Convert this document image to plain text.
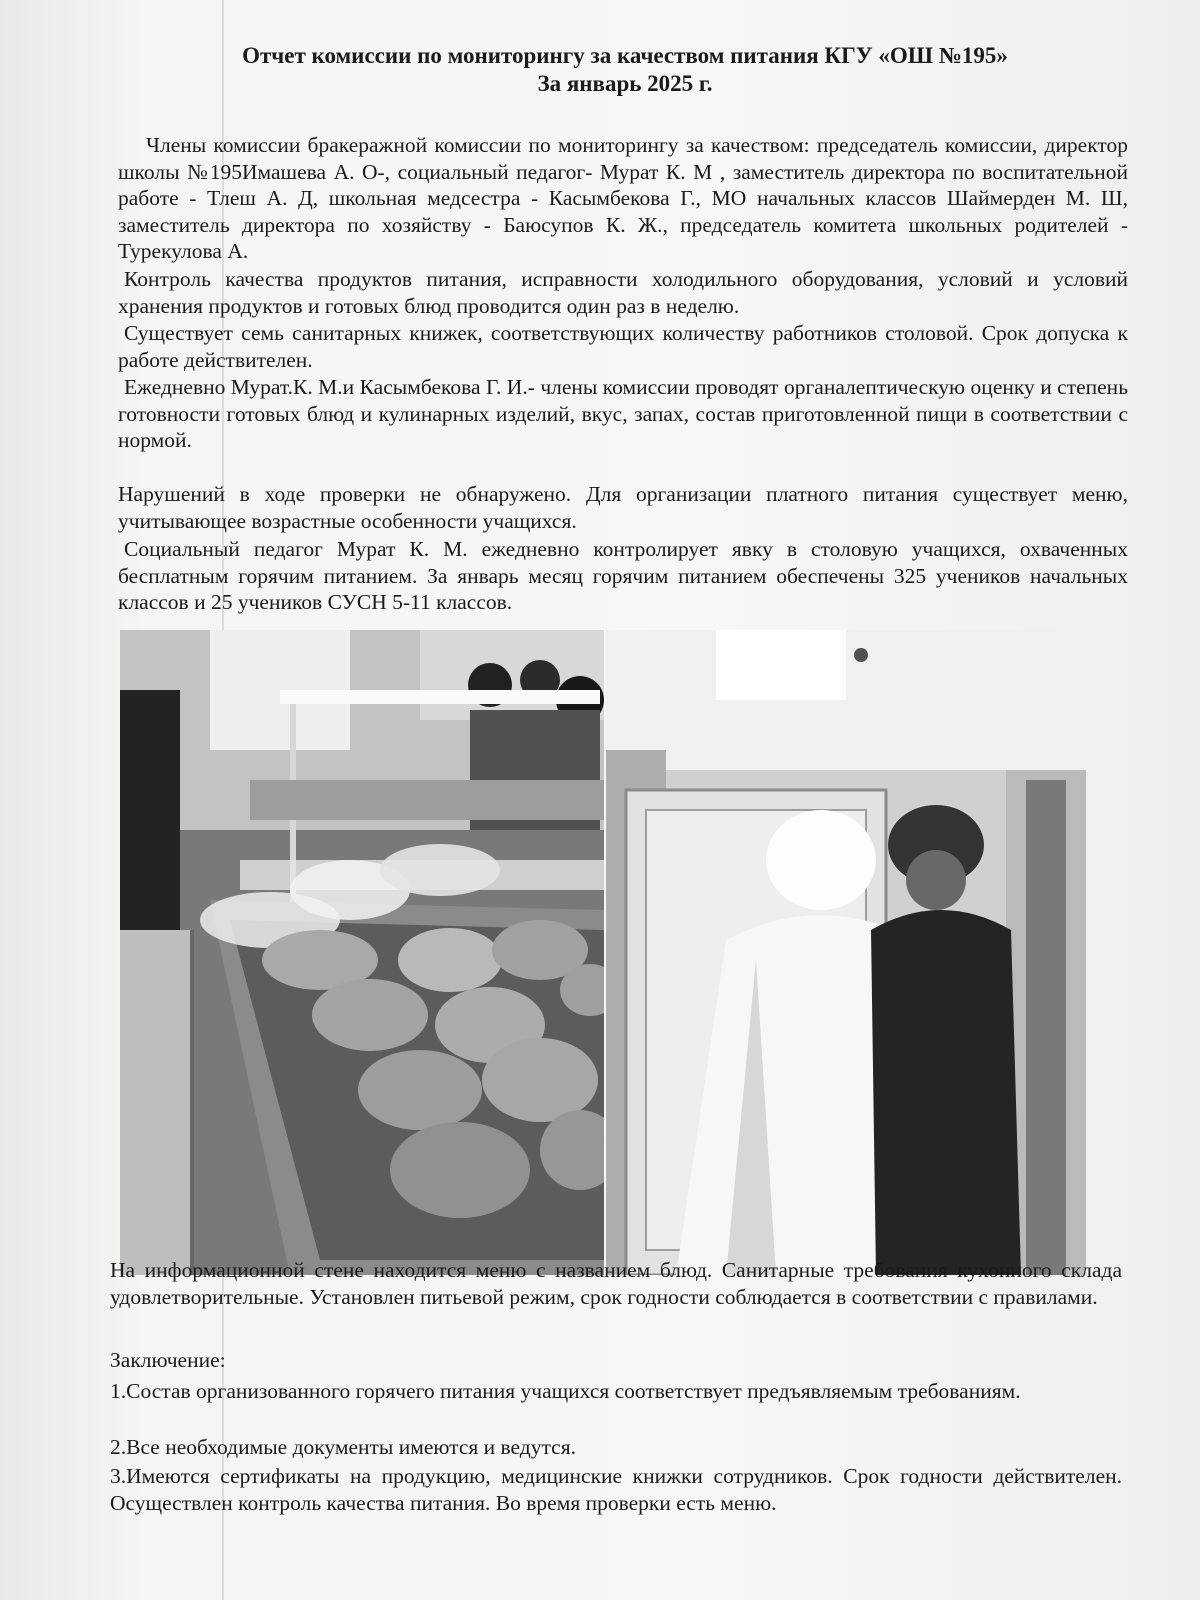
Отчет комиссии по мониторингу за качеством питания КГУ «ОШ №195»
За январь 2025 г.
Члены комиссии бракеражной комиссии по мониторингу за качеством: председатель комиссии, директор школы №195Имашева А. О-, социальный педагог- Мурат К. М , заместитель директора по воспитательной работе - Тлеш А. Д, школьная медсестра - Касымбекова Г., МО начальных классов Шаймерден М. Ш, заместитель директора по хозяйству - Баюсупов К. Ж., председатель комитета школьных родителей - Турекулова А.
Контроль качества продуктов питания, исправности холодильного оборудования, условий и условий хранения продуктов и готовых блюд проводится один раз в неделю.
Существует семь санитарных книжек, соответствующих количеству работников столовой. Срок допуска к работе действителен.
Ежедневно Мурат.К. М.и Касымбекова Г. И.- члены комиссии проводят органалептическую оценку и степень готовности готовых блюд и кулинарных изделий, вкус, запах, состав приготовленной пищи в соответствии с нормой.
Нарушений в ходе проверки не обнаружено. Для организации платного питания существует меню, учитывающее возрастные особенности учащихся.
Социальный педагог Мурат К. М. ежедневно контролирует явку в столовую учащихся, охваченных бесплатным горячим питанием. За январь месяц горячим питанием обеспечены 325 учеников начальных классов и 25 учеников СУСН 5-11 классов.
На информационной стене находится меню с названием блюд. Санитарные требования кухонного склада удовлетворительные. Установлен питьевой режим, срок годности соблюдается в соответствии с правилами.
Заключение:
1.Состав организованного горячего питания учащихся соответствует предъявляемым требованиям.
2.Все необходимые документы имеются и ведутся.
3.Имеются сертификаты на продукцию, медицинские книжки сотрудников. Срок годности действителен. Осуществлен контроль качества питания. Во время проверки есть меню.
